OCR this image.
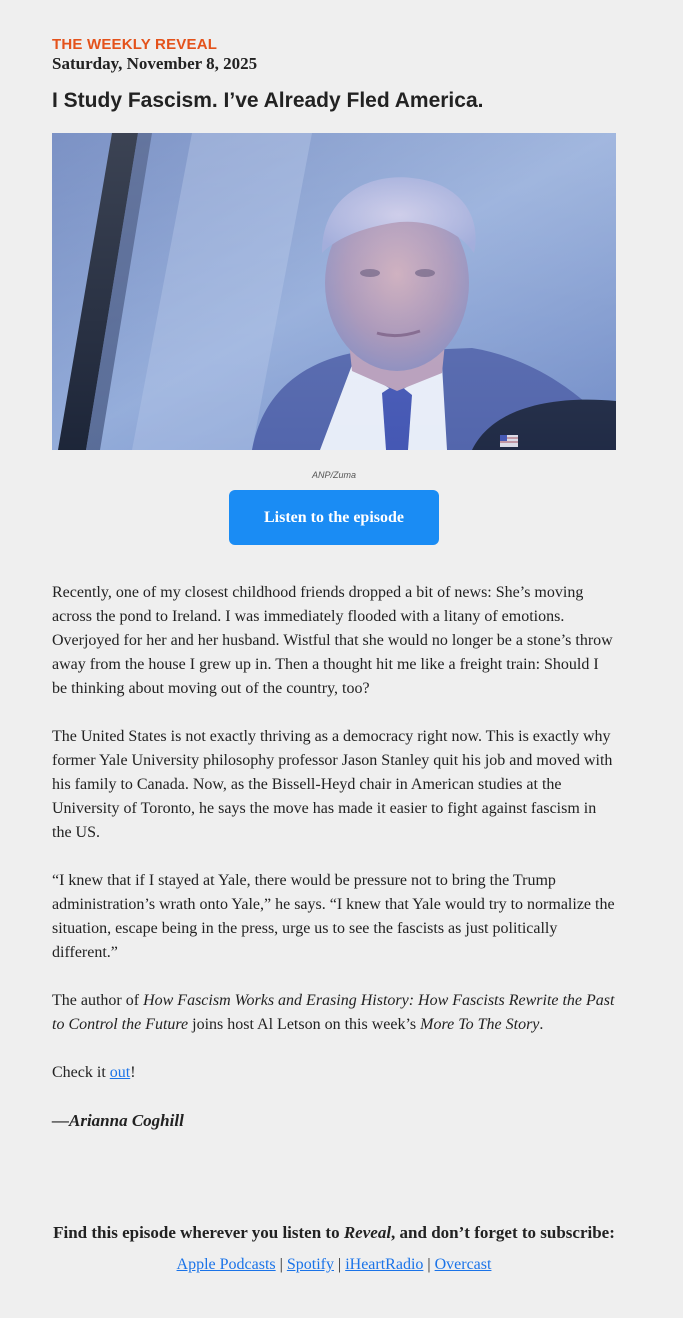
THE WEEKLY REVEAL
Saturday, November 8, 2025
I Study Fascism. I’ve Already Fled America.
ANP/Zuma
Listen to the episode

Recently, one of my closest childhood friends dropped a bit of news: She’s moving across the pond to Ireland. I was immediately flooded with a litany of emotions. Overjoyed for her and her husband. Wistful that she would no longer be a stone’s throw away from the house I grew up in. Then a thought hit me like a freight train: Should I be thinking about moving out of the country, too?

The United States is not exactly thriving as a democracy right now. This is exactly why former Yale University philosophy professor Jason Stanley quit his job and moved with his family to Canada. Now, as the Bissell-Heyd chair in American studies at the University of Toronto, he says the move has made it easier to fight against fascism in the US.

“I knew that if I stayed at Yale, there would be pressure not to bring the Trump administration’s wrath onto Yale,” he says. “I knew that Yale would try to normalize the situation, escape being in the press, urge us to see the fascists as just politically different.”

The author of How Fascism Works and Erasing History: How Fascists Rewrite the Past to Control the Future joins host Al Letson on this week’s More To The Story.

Check it out!

—Arianna Coghill

Find this episode wherever you listen to Reveal, and don’t forget to subscribe:
Apple Podcasts | Spotify | iHeartRadio | Overcast
